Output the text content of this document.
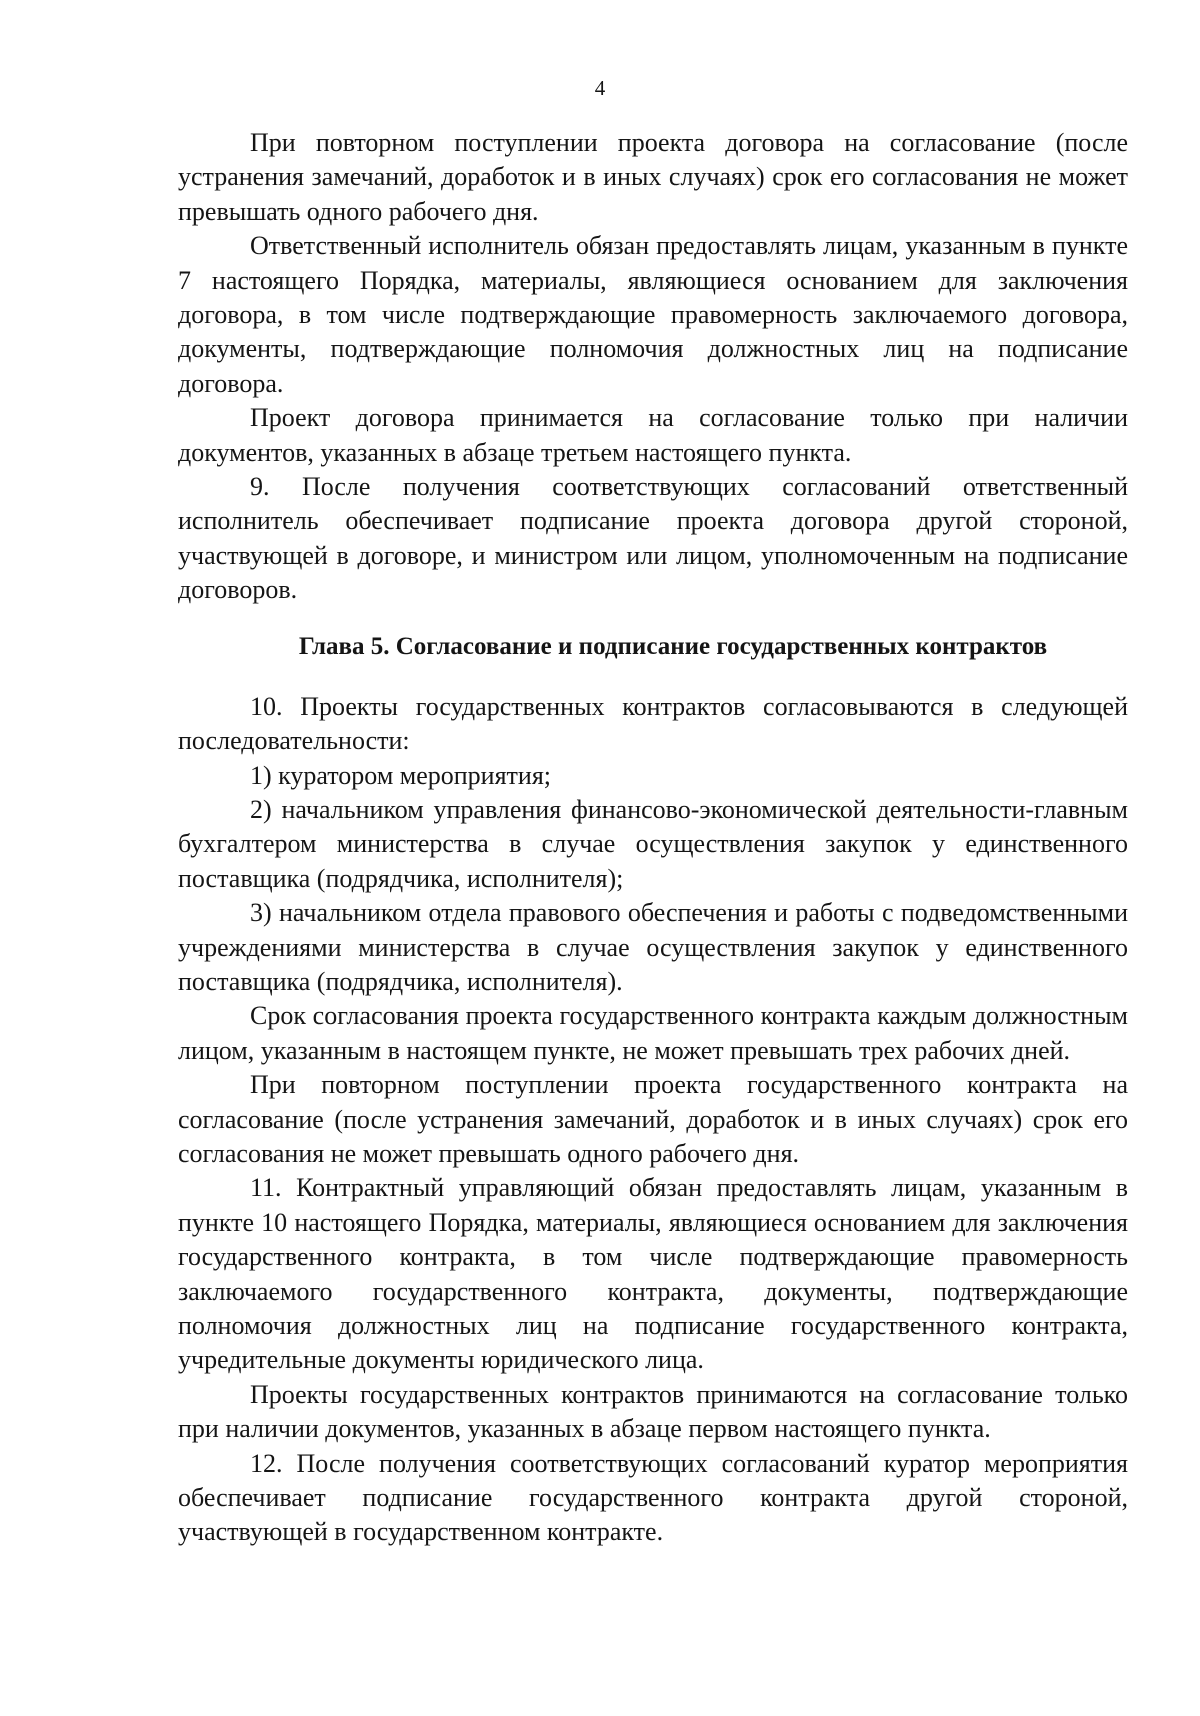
4

При повторном поступлении проекта договора на согласование (после устранения замечаний, доработок и в иных случаях) срок его согласования не может превышать одного рабочего дня.

Ответственный исполнитель обязан предоставлять лицам, указанным в пункте 7 настоящего Порядка, материалы, являющиеся основанием для заключения договора, в том числе подтверждающие правомерность заключаемого договора, документы, подтверждающие полномочия должностных лиц на подписание договора.

Проект договора принимается на согласование только при наличии документов, указанных в абзаце третьем настоящего пункта.

9. После получения соответствующих согласований ответственный исполнитель обеспечивает подписание проекта договора другой стороной, участвующей в договоре, и министром или лицом, уполномоченным на подписание договоров.

Глава 5. Согласование и подписание государственных контрактов

10. Проекты государственных контрактов согласовываются в следующей последовательности:

1) куратором мероприятия;

2) начальником управления финансово-экономической деятельности-главным бухгалтером министерства в случае осуществления закупок у единственного поставщика (подрядчика, исполнителя);

3) начальником отдела правового обеспечения и работы с подведомственными учреждениями министерства в случае осуществления закупок у единственного поставщика (подрядчика, исполнителя).

Срок согласования проекта государственного контракта каждым должностным лицом, указанным в настоящем пункте, не может превышать трех рабочих дней.

При повторном поступлении проекта государственного контракта на согласование (после устранения замечаний, доработок и в иных случаях) срок его согласования не может превышать одного рабочего дня.

11. Контрактный управляющий обязан предоставлять лицам, указанным в пункте 10 настоящего Порядка, материалы, являющиеся основанием для заключения государственного контракта, в том числе подтверждающие правомерность заключаемого государственного контракта, документы, подтверждающие полномочия должностных лиц на подписание государственного контракта, учредительные документы юридического лица.

Проекты государственных контрактов принимаются на согласование только при наличии документов, указанных в абзаце первом настоящего пункта.

12. После получения соответствующих согласований куратор мероприятия обеспечивает подписание государственного контракта другой стороной, участвующей в государственном контракте.
